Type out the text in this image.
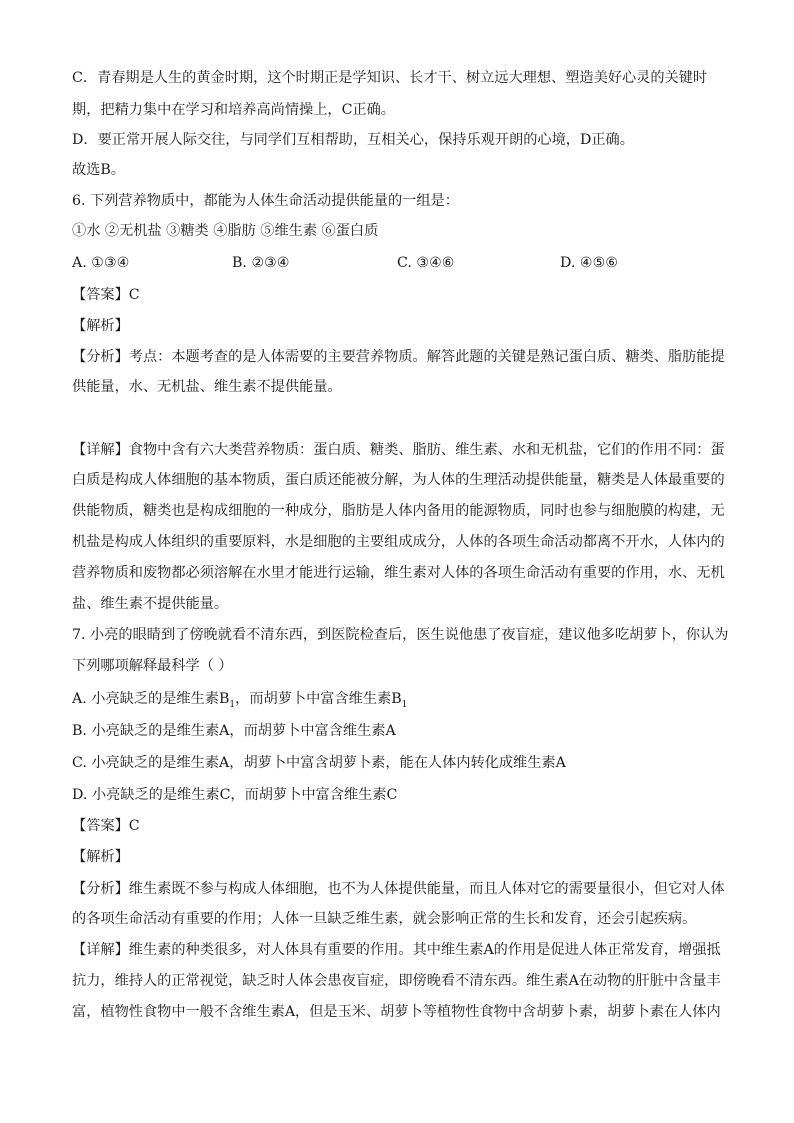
C．青春期是人生的黄金时期，这个时期正是学知识、长才干、树立远大理想、塑造美好心灵的关键时
期，把精力集中在学习和培养高尚情操上，C正确。
D．要正常开展人际交往，与同学们互相帮助，互相关心，保持乐观开朗的心境，D正确。
故选B。
6. 下列营养物质中，都能为人体生命活动提供能量的一组是：
①水 ②无机盐 ③糖类 ④脂肪 ⑤维生素 ⑥蛋白质
A. ①③④	B. ②③④	C. ③④⑥	D. ④⑤⑥
【答案】C
【解析】
【分析】考点：本题考查的是人体需要的主要营养物质。解答此题的关键是熟记蛋白质、糖类、脂肪能提
供能量，水、无机盐、维生素不提供能量。
【详解】食物中含有六大类营养物质：蛋白质、糖类、脂肪、维生素、水和无机盐，它们的作用不同：蛋
白质是构成人体细胞的基本物质，蛋白质还能被分解，为人体的生理活动提供能量，糖类是人体最重要的
供能物质，糖类也是构成细胞的一种成分，脂肪是人体内备用的能源物质，同时也参与细胞膜的构建，无
机盐是构成人体组织的重要原料，水是细胞的主要组成成分，人体的各项生命活动都离不开水，人体内的
营养物质和废物都必须溶解在水里才能进行运输，维生素对人体的各项生命活动有重要的作用，水、无机
盐、维生素不提供能量。
7. 小亮的眼睛到了傍晚就看不清东西，到医院检查后，医生说他患了夜盲症，建议他多吃胡萝卜，你认为
下列哪项解释最科学（ ）
A. 小亮缺乏的是维生素$B_1$，而胡萝卜中富含维生素$B_1$
B. 小亮缺乏的是维生素A，而胡萝卜中富含维生素A
C. 小亮缺乏的是维生素A，胡萝卜中富含胡萝卜素，能在人体内转化成维生素A
D. 小亮缺乏的是维生素C，而胡萝卜中富含维生素C
【答案】C
【解析】
【分析】维生素既不参与构成人体细胞，也不为人体提供能量，而且人体对它的需要量很小，但它对人体
的各项生命活动有重要的作用；人体一旦缺乏维生素，就会影响正常的生长和发育，还会引起疾病。
【详解】维生素的种类很多，对人体具有重要的作用。其中维生素A的作用是促进人体正常发育，增强抵
抗力，维持人的正常视觉，缺乏时人体会患夜盲症，即傍晚看不清东西。维生素A在动物的肝脏中含量丰
富，植物性食物中一般不含维生素A，但是玉米、胡萝卜等植物性食物中含胡萝卜素，胡萝卜素在人体内
